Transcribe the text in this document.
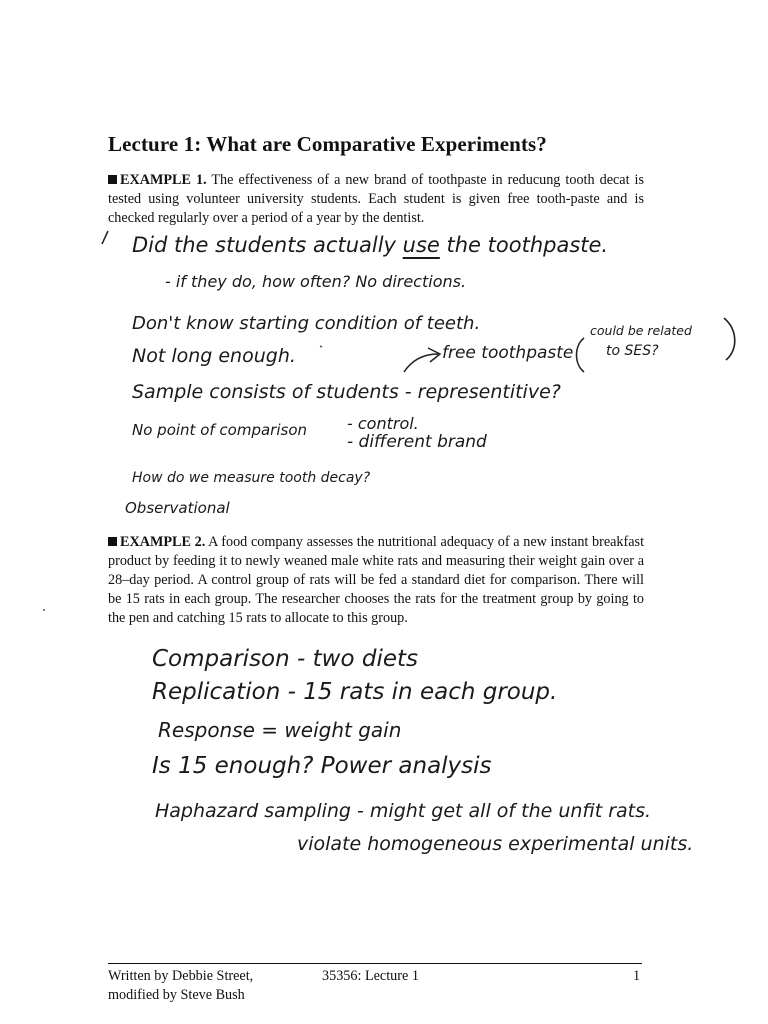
Lecture 1: What are Comparative Experiments?
EXAMPLE 1. The effectiveness of a new brand of toothpaste in reducung tooth decat is tested using volunteer university students. Each student is given free tooth-paste and is checked regularly over a period of a year by the dentist.
Did the students actually use the toothpaste.
- if they do, how often? No directions.
Don't know starting condition of teeth.
Not long enough.	free toothpaste
could be related
to SES?
Sample consists of students - representitive?
No point of comparison	- control.
- different brand
How do we measure tooth decay?
Observational
EXAMPLE 2. A food company assesses the nutritional adequacy of a new instant breakfast product by feeding it to newly weaned male white rats and measuring their weight gain over a 28–day period. A control group of rats will be fed a standard diet for comparison. There will be 15 rats in each group. The researcher chooses the rats for the treatment group by going to the pen and catching 15 rats to allocate to this group.
Comparison - two diets
Replication - 15 rats in each group.
Response = weight gain
Is 15 enough? Power analysis
Haphazard sampling - might get all of the unfit rats.
violate homogeneous experimental units.
Written by Debbie Street,
modified by Steve Bush
35356: Lecture 1	1
